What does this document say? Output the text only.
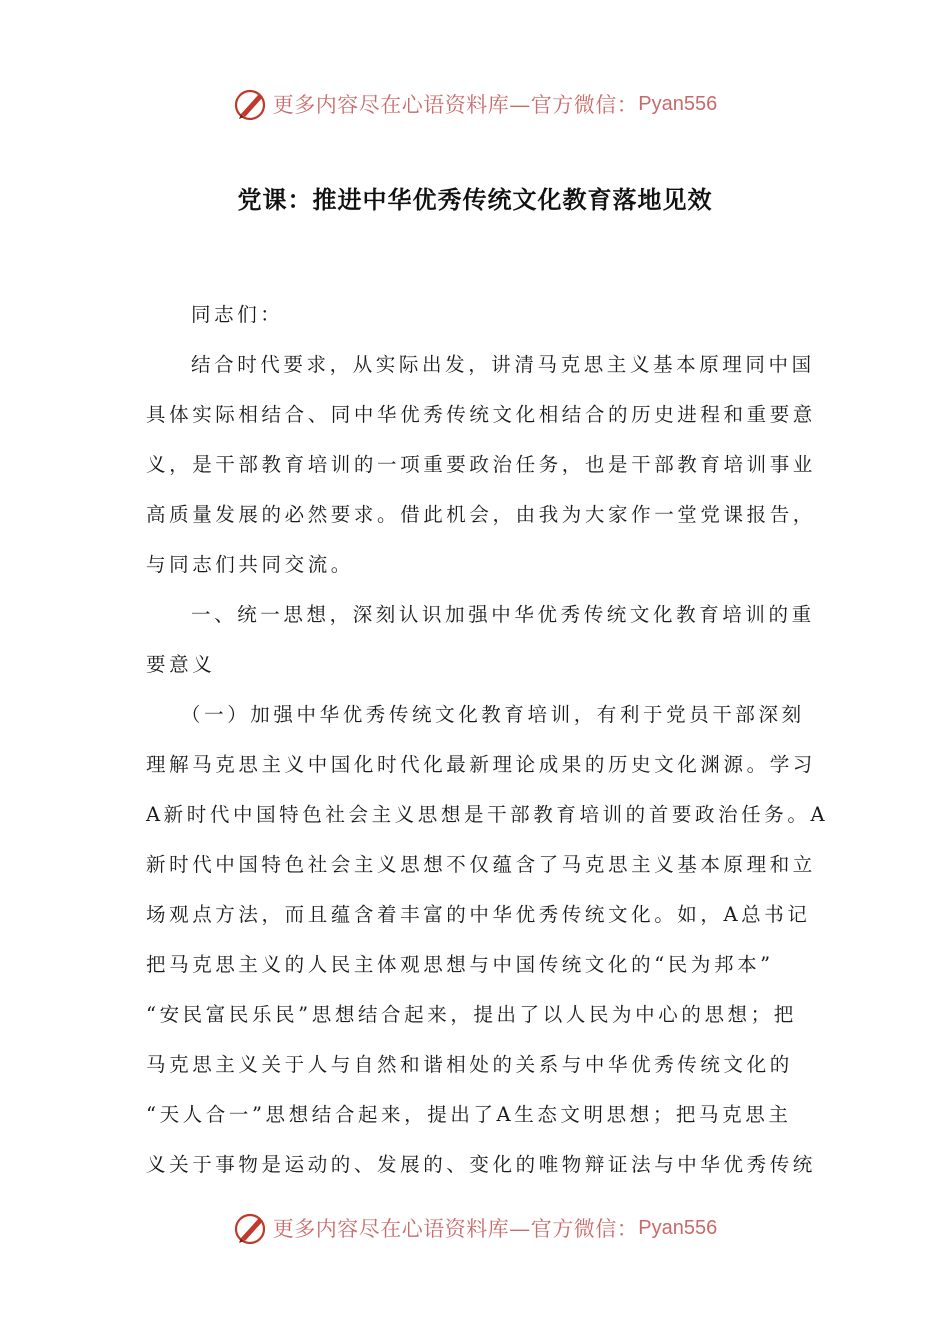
更多内容尽在心语资料库—官方微信： Pyan556
党课：推进中华优秀传统文化教育落地见效
同志们：
结合时代要求，从实际出发，讲清马克思主义基本原理同中国
具体实际相结合、同中华优秀传统文化相结合的历史进程和重要意
义，是干部教育培训的一项重要政治任务，也是干部教育培训事业
高质量发展的必然要求。借此机会，由我为大家作一堂党课报告，
与同志们共同交流。
一、统一思想，深刻认识加强中华优秀传统文化教育培训的重
要意义
（一）加强中华优秀传统文化教育培训，有利于党员干部深刻
理解马克思主义中国化时代化最新理论成果的历史文化渊源。学习
A新时代中国特色社会主义思想是干部教育培训的首要政治任务。A
新时代中国特色社会主义思想不仅蕴含了马克思主义基本原理和立
场观点方法，而且蕴含着丰富的中华优秀传统文化。如，A总书记
把马克思主义的人民主体观思想与中国传统文化的“民为邦本”
“安民富民乐民”思想结合起来，提出了以人民为中心的思想；把
马克思主义关于人与自然和谐相处的关系与中华优秀传统文化的
“天人合一”思想结合起来，提出了A生态文明思想；把马克思主
义关于事物是运动的、发展的、变化的唯物辩证法与中华优秀传统
更多内容尽在心语资料库—官方微信： Pyan556
